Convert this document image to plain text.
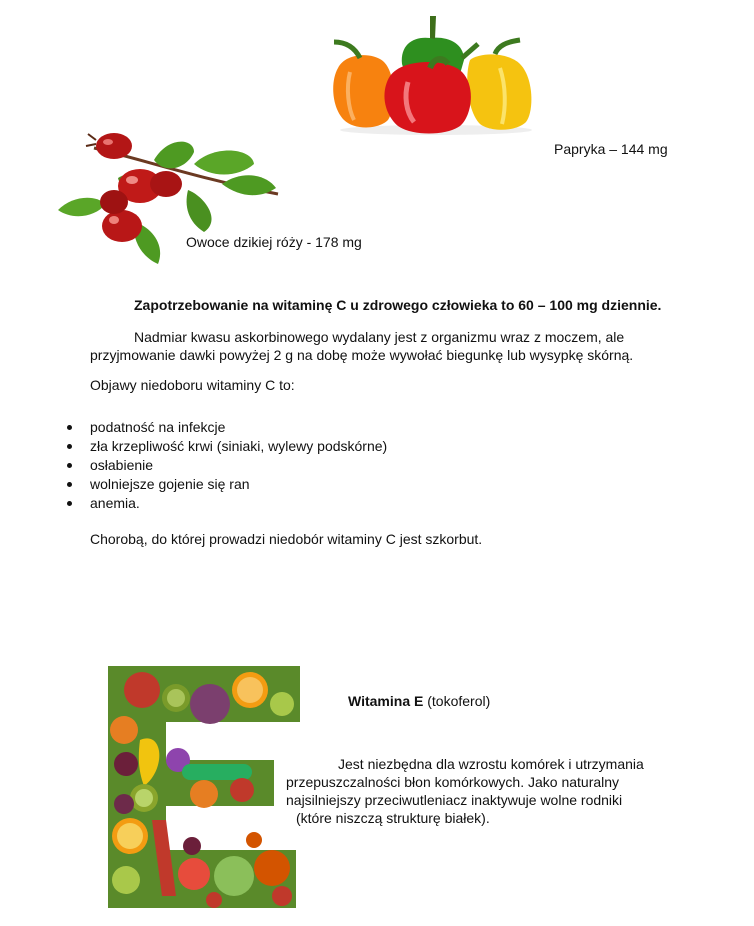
Papryka – 144 mg
Owoce dzikiej róży - 178 mg
Zapotrzebowanie na witaminę C u zdrowego człowieka to 60 – 100 mg dziennie.
Nadmiar kwasu askorbinowego wydalany jest z organizmu wraz z moczem, ale
przyjmowanie dawki powyżej 2 g na dobę może wywołać biegunkę lub wysypkę skórną.
Objawy niedoboru witaminy C to:
podatność na infekcje
zła krzepliwość krwi (siniaki, wylewy podskórne)
osłabienie
wolniejsze gojenie się ran
anemia.
Chorobą, do której prowadzi niedobór witaminy C jest szkorbut.
Witamina E (tokoferol)
Jest niezbędna dla wzrostu komórek i utrzymania
przepuszczalności błon komórkowych. Jako naturalny
najsilniejszy przeciwutleniacz inaktywuje wolne rodniki
(które niszczą strukturę białek).
